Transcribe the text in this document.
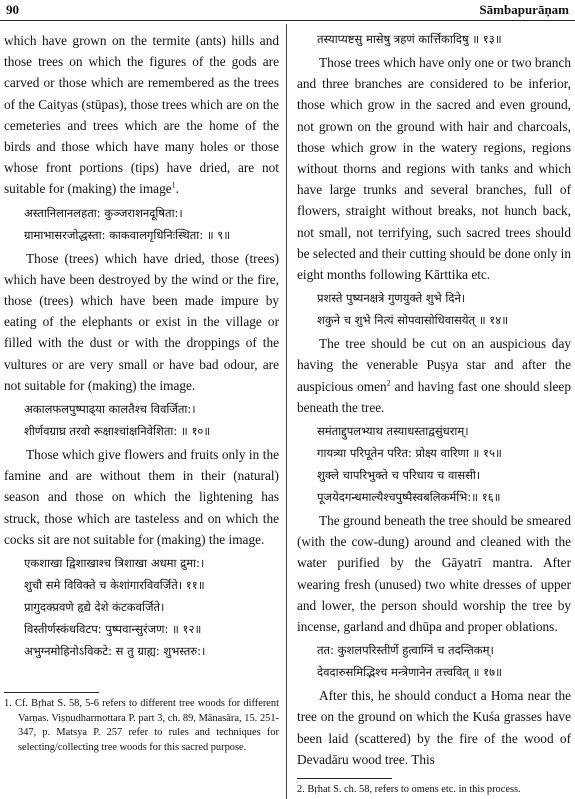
90	Sāmbapurāṇam

which have grown on the termite (ants) hills and those trees on which the figures of the gods are carved or those which are remembered as the trees of the Caityas (stūpas), those trees which are on the cemeteries and trees which are the home of the birds and those which have many holes or those whose front portions (tips) have dried, are not suitable for (making) the image$^1$.

अस्तानिलानलहता: कुञ्जराशनदूषिता:।
ग्रामाभासरजोद्धस्ता: काकवालगृधिनिःस्थिता: ॥ ९॥

Those (trees) which have dried, those (trees) which have been destroyed by the wind or the fire, those (trees) which have been made impure by eating of the elephants or exist in the village or filled with the dust or with the droppings of the vultures or are very small or have bad odour, are not suitable for (making) the image.

अकालफलपुष्पाढ्‌या कालतैश्च विवर्जिता:।
शीर्णवग्राघ्र तरवो रूक्षाश्चांक्षनिवेशिता: ॥ १०॥

Those which give flowers and fruits only in the famine and are without them in their (natural) season and those on which the lightening has struck, those which are tasteless and on which the cocks sit are not suitable for (making) the image.

एकशाखा द्विशाखाश्च त्रिशाखा अधमा द्रुमा:।
शुचौ समे विविक्ते च केशांगारविवर्जिते। ११॥
प्रागुदक्प्रवणे हृद्ये देशे कंटकवर्जिते।
विस्तीर्णस्कंधविटप: पुष्पवान्सुरंजण: ॥ १२॥
अभुग्नमोहिनोऽविकटे: स तु ग्राह्य: शुभस्तरु:।

1. Cf. Bṛhat S. 58, 5-6 refers to different tree woods for different Varṇas. Viṣṇudharmottara P. part 3, ch. 89, Mānasāra, 15. 251-347, p. Matsya P. 257 refer to rules and techniques for selecting/collecting tree woods for this sacred purpose.

तस्याप्यष्टसु मासेषु त्रहणं कार्त्तिकादिषु ॥ १३॥

Those trees which have only one or two branch and three branches are considered to be inferior, those which grow in the sacred and even ground, not grown on the ground with hair and charcoals, those which grow in the watery regions, regions without thorns and regions with tanks and which have large trunks and several branches, full of flowers, straight without breaks, not hunch back, not small, not terrifying, such sacred trees should be selected and their cutting should be done only in eight months following Kārttika etc.

प्रशस्ते पुष्यनक्षत्रे गुणयुक्ते शुभे दिने।
शकुने च शुभे नित्यं सोपवासोधिवासयेत् ॥ १४॥

The tree should be cut on an auspicious day having the venerable Puṣya star and after the auspicious omen$^2$ and having fast one should sleep beneath the tree.

समंताद्दुपलभ्याथ तस्याधस्ताद्वसुंधराम्।
गायत्र्या परिपूतेन परित: प्रोक्ष्य वारिणा ॥ १५॥
शुक्ले चापरिभुक्ते च परिधाय च वाससी।
पूजयेदगन्धमाल्यैश्चपुष्पैस्वबलिकर्मभि:॥ १६॥

The ground beneath the tree should be smeared (with the cow-dung) around and cleaned with the water purified by the Gāyatrī mantra. After wearing fresh (unused) two white dresses of upper and lower, the person should worship the tree by incense, garland and dhūpa and proper oblations.

तत: कुशलपरिस्तीर्णे हुत्वाग्निं च तदन्तिकम्।
देवदारुसमिद्भिश्च मन्त्रेणानेन तत्त्ववित् ॥ १७॥

After this, he should conduct a Homa near the tree on the ground on which the Kuśa grasses have been laid (scattered) by the fire of the wood of Devadāru wood tree. This

2. Bṛhat S. ch. 58, refers to omens etc. in this process.
